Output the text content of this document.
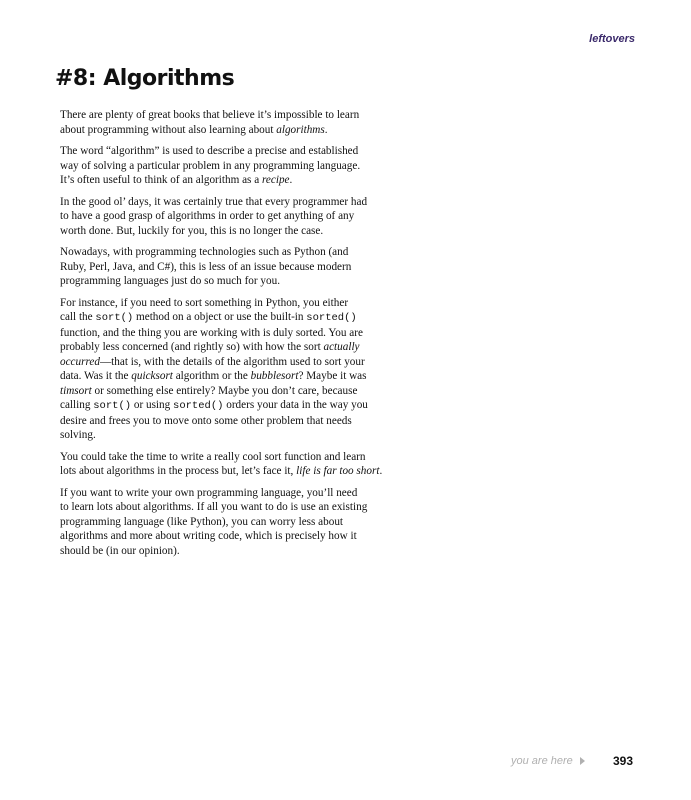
leftovers
#8: Algorithms

There are plenty of great books that believe it’s impossible to learn
about programming without also learning about algorithms.

The word “algorithm” is used to describe a precise and established
way of solving a particular problem in any programming language.
It’s often useful to think of an algorithm as a recipe.

In the good ol’ days, it was certainly true that every programmer had
to have a good grasp of algorithms in order to get anything of any
worth done. But, luckily for you, this is no longer the case.

Nowadays, with programming technologies such as Python (and
Ruby, Perl, Java, and C#), this is less of an issue because modern
programming languages just do so much for you.

For instance, if you need to sort something in Python, you either
call the sort() method on a object or use the built-in sorted()
function, and the thing you are working with is duly sorted. You are
probably less concerned (and rightly so) with how the sort actually
occurred—that is, with the details of the algorithm used to sort your
data. Was it the quicksort algorithm or the bubblesort? Maybe it was
timsort or something else entirely? Maybe you don’t care, because
calling sort() or using sorted() orders your data in the way you
desire and frees you to move onto some other problem that needs
solving.

You could take the time to write a really cool sort function and learn
lots about algorithms in the process but, let’s face it, life is far too short.

If you want to write your own programming language, you’ll need
to learn lots about algorithms. If all you want to do is use an existing
programming language (like Python), you can worry less about
algorithms and more about writing code, which is precisely how it
should be (in our opinion).

you are here	393
